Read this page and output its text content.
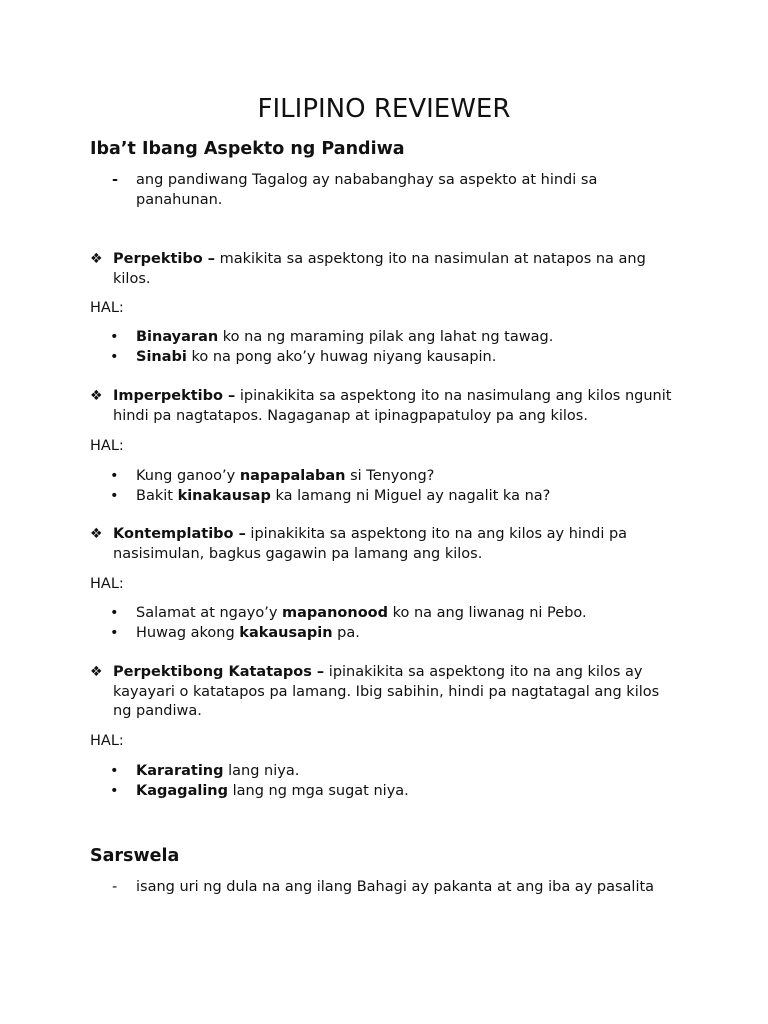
FILIPINO REVIEWER
Iba’t Ibang Aspekto ng Pandiwa
- ang pandiwang Tagalog ay nababanghay sa aspekto at hindi sa panahunan.
❖ Perpektibo – makikita sa aspektong ito na nasimulan at natapos na ang kilos.
HAL:
• Binayaran ko na ng maraming pilak ang lahat ng tawag.
• Sinabi ko na pong ako’y huwag niyang kausapin.
❖ Imperpektibo – ipinakikita sa aspektong ito na nasimulang ang kilos ngunit hindi pa nagtatapos. Nagaganap at ipinagpapatuloy pa ang kilos.
HAL:
• Kung ganoo’y napapalaban si Tenyong?
• Bakit kinakausap ka lamang ni Miguel ay nagalit ka na?
❖ Kontemplatibo – ipinakikita sa aspektong ito na ang kilos ay hindi pa nasisimulan, bagkus gagawin pa lamang ang kilos.
HAL:
• Salamat at ngayo’y mapanonood ko na ang liwanag ni Pebo.
• Huwag akong kakausapin pa.
❖ Perpektibong Katatapos – ipinakikita sa aspektong ito na ang kilos ay kayayari o katatapos pa lamang. Ibig sabihin, hindi pa nagtatagal ang kilos ng pandiwa.
HAL:
• Kararating lang niya.
• Kagagaling lang ng mga sugat niya.
Sarswela
- isang uri ng dula na ang ilang Bahagi ay pakanta at ang iba ay pasalita
